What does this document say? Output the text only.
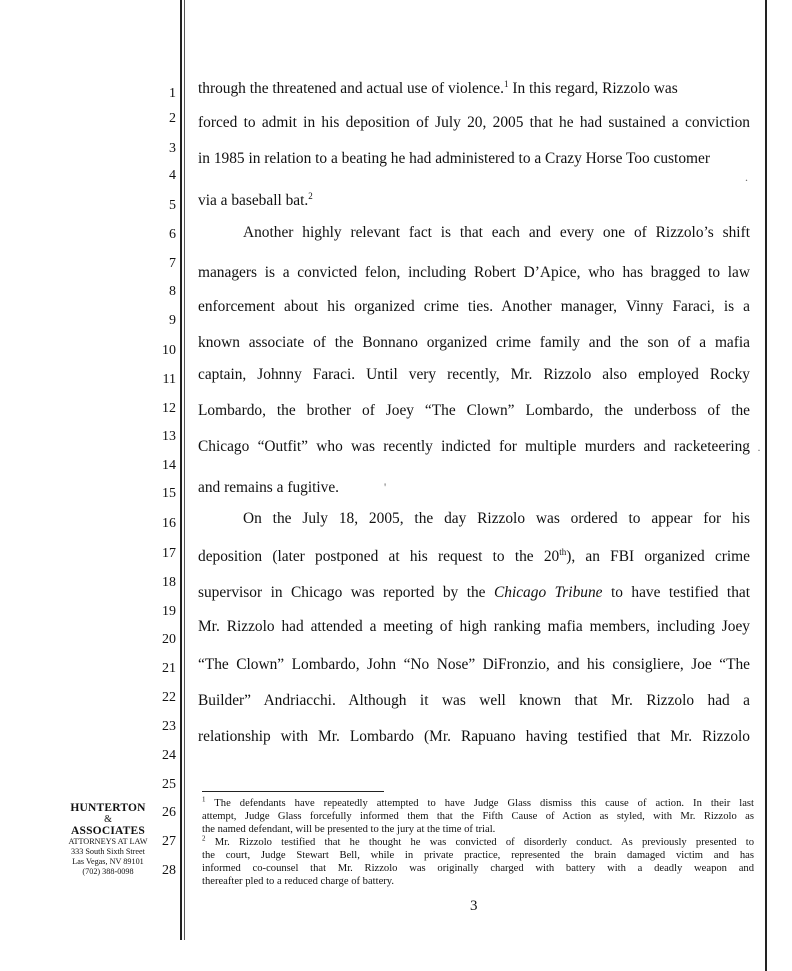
1
2
3
4
5
6
7
8
9
10
11
12
13
14
15
16
17
18
19
20
21
22
23
24
25
26
27
28
through the threatened and actual use of violence.$^1$ In this regard, Rizzolo was
forced to admit in his deposition of July 20, 2005 that he had sustained a conviction
in 1985 in relation to a beating he had administered to a Crazy Horse Too customer
via a baseball bat.$^2$
Another highly relevant fact is that each and every one of Rizzolo’s shift
managers is a convicted felon, including Robert D’Apice, who has bragged to law
enforcement about his organized crime ties. Another manager, Vinny Faraci, is a
known associate of the Bonnano organized crime family and the son of a mafia
captain, Johnny Faraci. Until very recently, Mr. Rizzolo also employed Rocky
Lombardo, the brother of Joey “The Clown” Lombardo, the underboss of the
Chicago “Outfit” who was recently indicted for multiple murders and racketeering
and remains a fugitive.
On the July 18, 2005, the day Rizzolo was ordered to appear for his
deposition (later postponed at his request to the 20th), an FBI organized crime
supervisor in Chicago was reported by the Chicago Tribune to have testified that
Mr. Rizzolo had attended a meeting of high ranking mafia members, including Joey
“The Clown” Lombardo, John “No Nose” DiFronzio, and his consigliere, Joe “The
Builder” Andriacchi. Although it was well known that Mr. Rizzolo had a
relationship with Mr. Lombardo (Mr. Rapuano having testified that Mr. Rizzolo
.
'
·
$^1$ The defendants have repeatedly attempted to have Judge Glass dismiss this cause of action. In their last
attempt, Judge Glass forcefully informed them that the Fifth Cause of Action as styled, with Mr. Rizzolo as
the named defendant, will be presented to the jury at the time of trial.
$^2$ Mr. Rizzolo testified that he thought he was convicted of disorderly conduct. As previously presented to
the court, Judge Stewart Bell, while in private practice, represented the brain damaged victim and has
informed co-counsel that Mr. Rizzolo was originally charged with battery with a deadly weapon and
thereafter pled to a reduced charge of battery.
HUNTERTON
&
ASSOCIATES
ATTORNEYS AT LAW
333 South Sixth Street
Las Vegas, NV 89101
(702) 388-0098
3
